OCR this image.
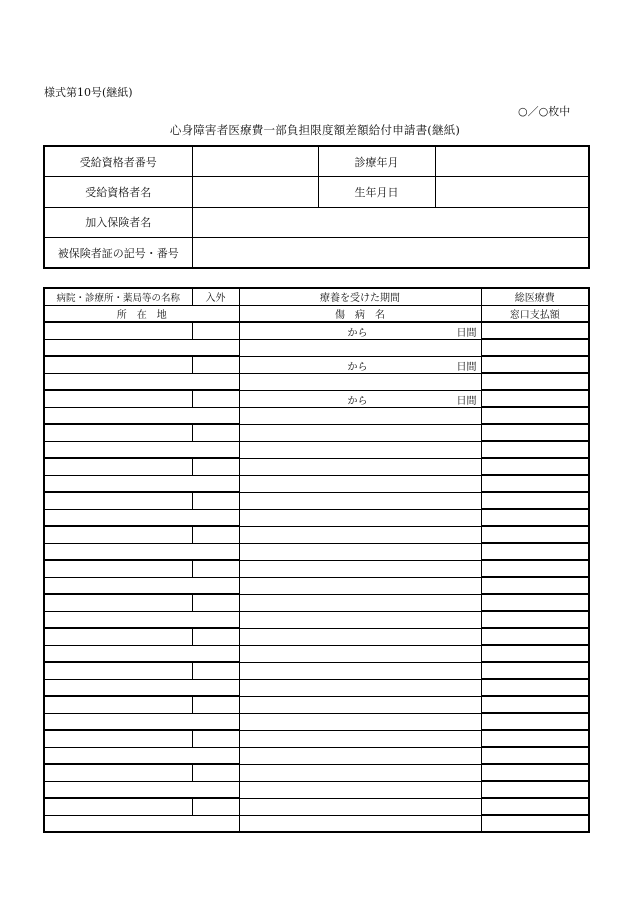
様式第10号(継紙)
○／○枚中
心身障害者医療費一部負担限度額差額給付申請書(継紙)
受給資格者番号		診療年月	
受給資格者名		生年月日	
加入保険者名			
被保険者証の記号・番号			
病院・診療所・薬局等の名称	入外	療養を受けた期間	総医療費
所　在　地		傷　病　名	窓口支払額

		から 日間	

		から 日間	

		から 日間	
